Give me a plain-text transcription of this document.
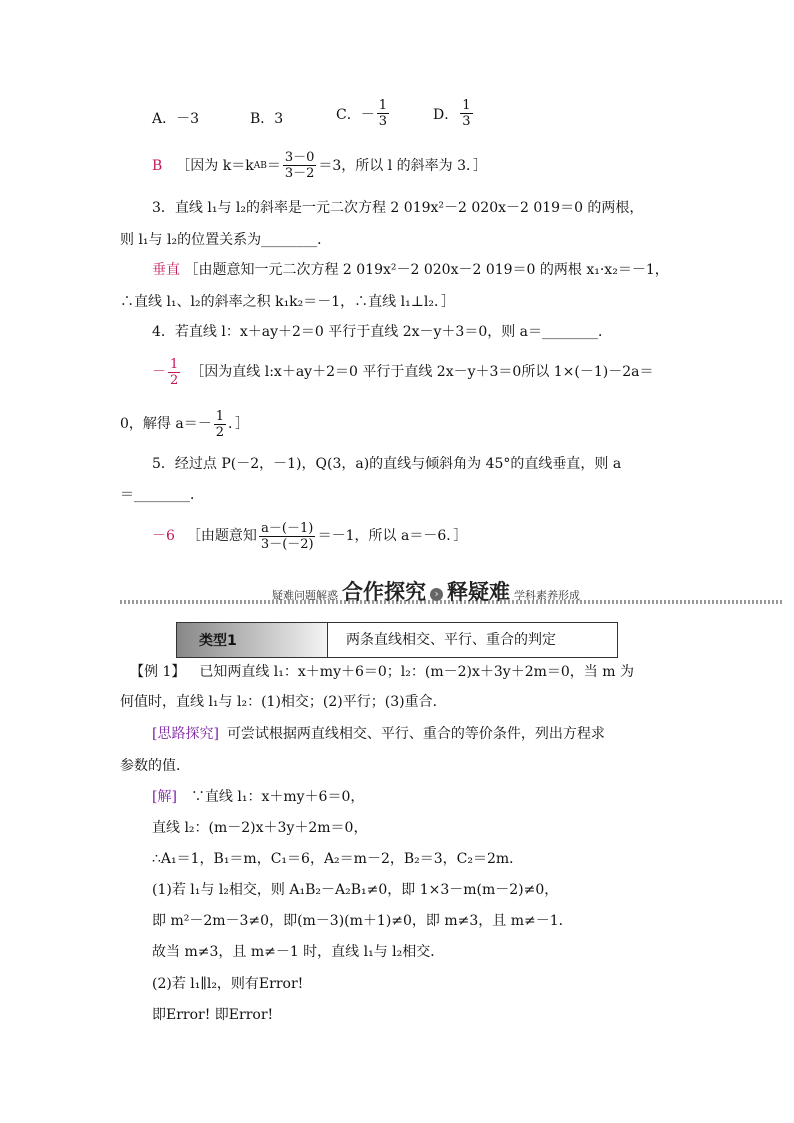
A．－3	B．3	C．－ $\frac{1}{3}$	D． $\frac{1}{3}$
B ［因为 k＝k AB ＝ $\frac{3-0}{3-2} =3$，所以 l 的斜率为 3．］
3．直线 l₁与 l₂的斜率是一元二次方程 2 019x²－2 020x－2 019＝0 的两根，
则 l₁与 l₂的位置关系为________．
垂直 ［由题意知一元二次方程 2 019x²－2 020x－2 019＝0 的两根 x₁·x₂＝－1，
∴直线 l₁、l₂的斜率之积 k₁k₂＝－1，∴直线 l₁⊥l₂．］
4．若直线 l：x＋ay＋2＝0 平行于直线 2x－y＋3＝0，则 a＝________．
－ $\frac{1}{2}$ ［因为直线 l:x＋ay＋2＝0 平行于直线 2x－y＋3＝0所以 1×(－1)－2a＝
0，解得 $a=- \frac{1}{2}$ ．］
5．经过点 P(－2，－1)，Q(3，a)的直线与倾斜角为 45°的直线垂直，则 a
＝________．
－6 ［由题意知 $\frac{a-(-1)}{3-(-2)} =-1$，所以 a＝－6．］
疑难问题解惑 合作探究 › 释疑难 学科素养形成
类型1	两条直线相交、平行、重合的判定
【例 1】 已知两直线 l₁：x＋my＋6＝0；l₂：(m－2)x＋3y＋2m＝0，当 m 为
何值时，直线 l₁与 l₂：(1)相交；(2)平行；(3)重合．
[思路探究] 可尝试根据两直线相交、平行、重合的等价条件，列出方程求
参数的值．
[解] ∵直线 l₁：x＋my＋6＝0，
直线 l₂：(m－2)x＋3y＋2m＝0，
∴A₁＝1，B₁＝m，C₁＝6，A₂＝m－2，B₂＝3，C₂＝2m．
(1)若 l₁与 l₂相交，则 A₁B₂－A₂B₁≠0，即 1×3－m(m－2)≠0，
即 m²－2m－3≠0，即(m－3)(m＋1)≠0，即 m≠3，且 m≠－1．
故当 m≠3，且 m≠－1 时，直线 l₁与 l₂相交．
(2)若 l₁∥l₂，则有Error!
即Error! 即Error!
